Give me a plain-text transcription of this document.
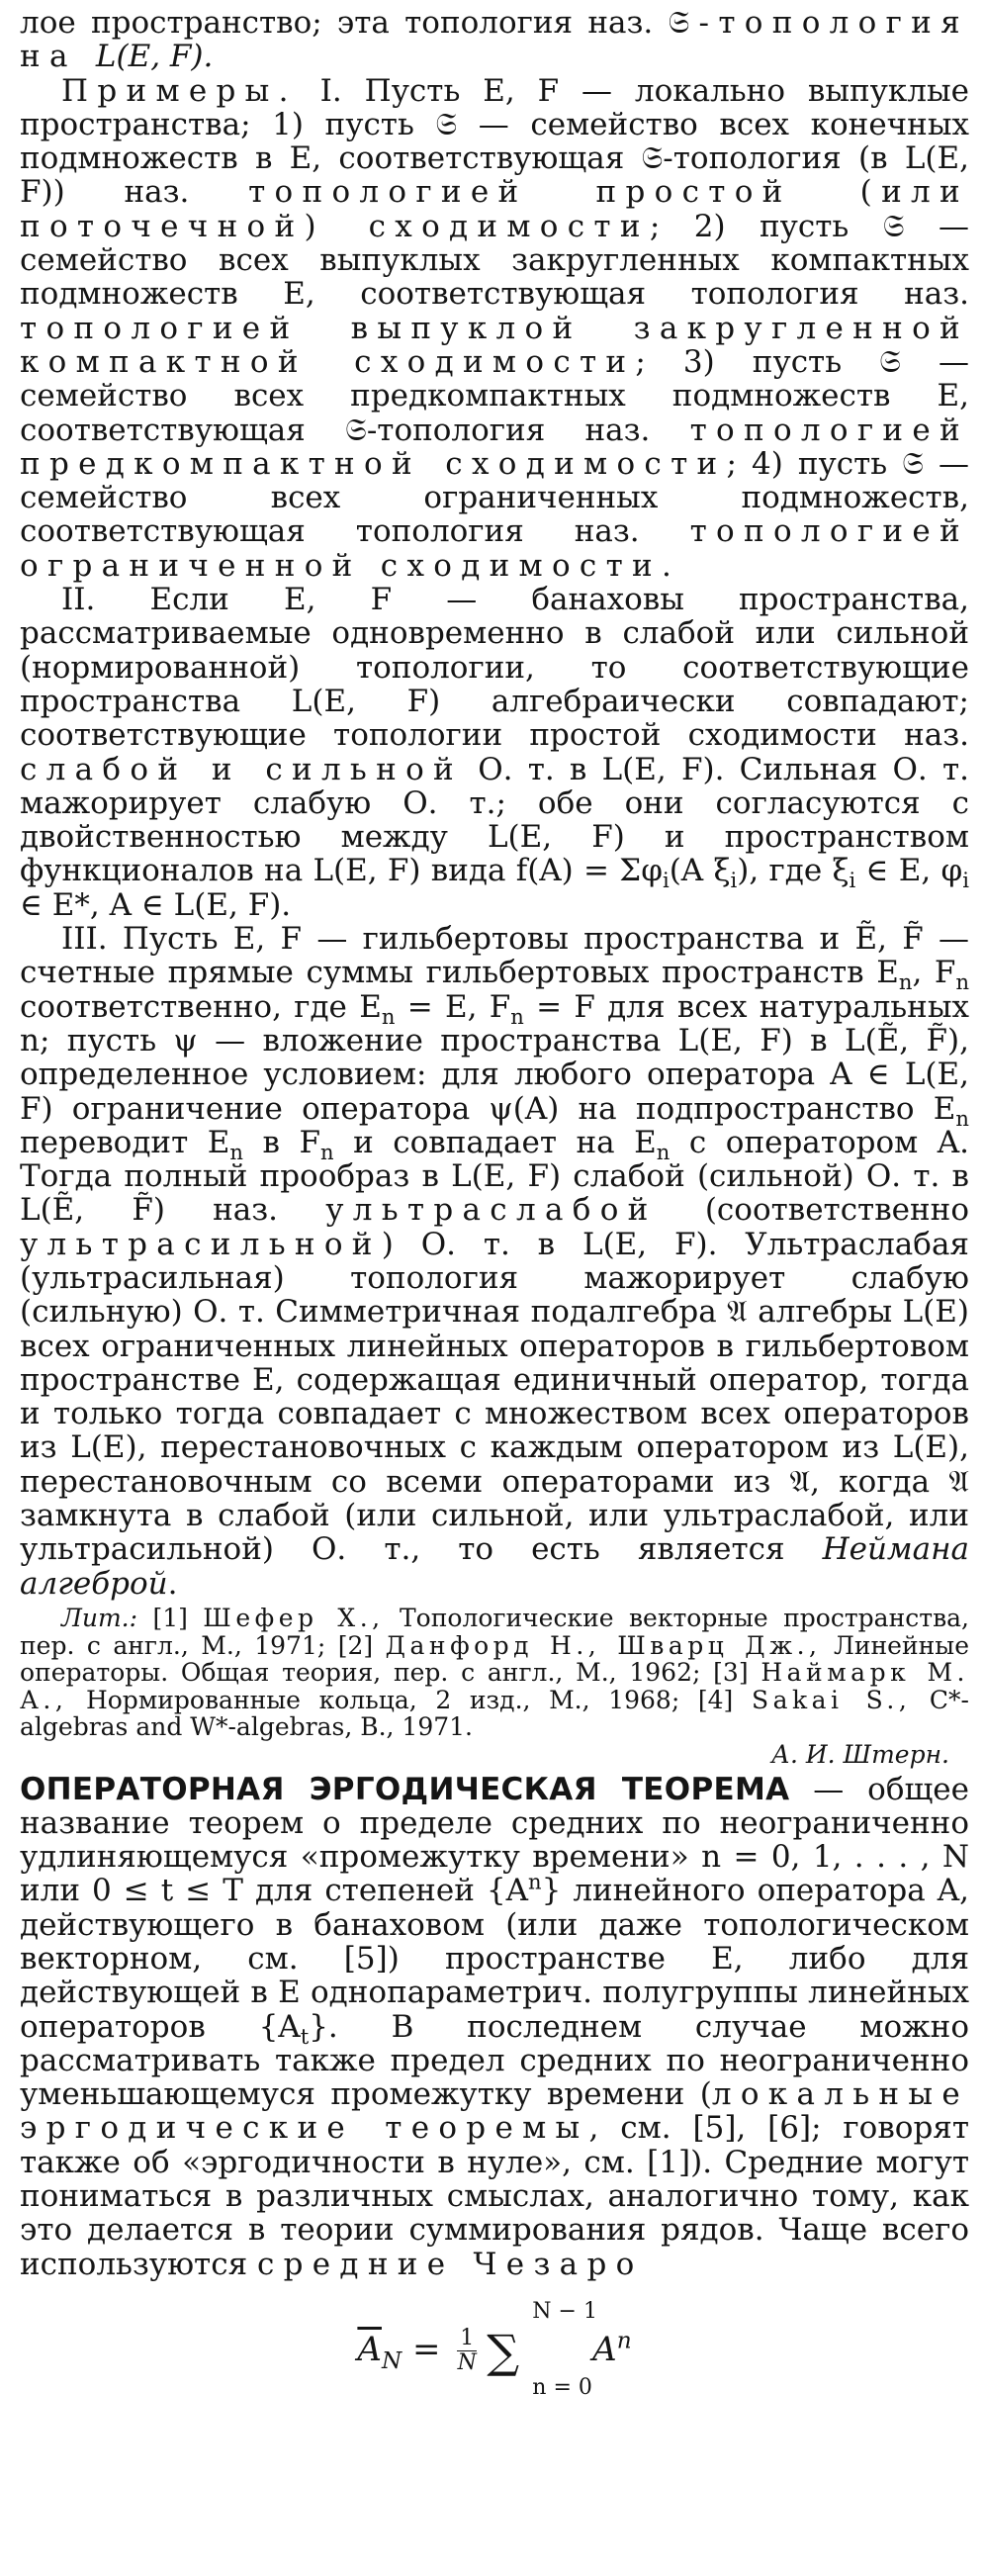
лое пространство; эта топология наз. 𝔖-топология на L(E, F).

Примеры. I. Пусть E, F — локально выпуклые пространства; 1) пусть 𝔖 — семейство всех конечных подмножеств в E, соответствующая 𝔖-топология (в L(E, F)) наз. топологией простой (или поточечной) сходимости; 2) пусть 𝔖 — семейство всех выпуклых закругленных компактных подмножеств E, соответствующая топология наз. топологией выпуклой закругленной компактной сходимости; 3) пусть 𝔖 — семейство всех предкомпактных подмножеств E, соответствующая 𝔖-топология наз. топологией предкомпактной сходимости; 4) пусть 𝔖 — семейство всех ограниченных подмножеств, соответствующая топология наз. топологией ограниченной сходимости.

II. Если E, F — банаховы пространства, рассматриваемые одновременно в слабой или сильной (нормированной) топологии, то соответствующие пространства L(E, F) алгебраически совпадают; соответствующие топологии простой сходимости наз. слабой и сильной О. т. в L(E, F). Сильная О. т. мажорирует слабую О. т.; обе они согласуются с двойственностью между L(E, F) и пространством функционалов на L(E, F) вида $f(A) = \Sigma\varphi_i(A$ $\xi_i$), где $\xi_i$ ∈ E, $\varphi_i$ ∈ E*, A ∈ L(E, F).

III. Пусть E, F — гильбертовы пространства и Ẽ, F̃ — счетные прямые суммы гильбертовых пространств $E_n$, $F_n$ соответственно, где $E_n = E$, $F_n = F$ для всех натуральных n; пусть ψ — вложение пространства L(E, F) в L(Ẽ, F̃), определенное условием: для любого оператора A ∈ L(E, F) ограничение оператора ψ(A) на подпространство $E_n$ переводит $E_n$ в $F_n$ и совпадает на $E_n$ с оператором A. Тогда полный прообраз в L(E, F) слабой (сильной) О. т. в L(Ẽ, F̃) наз. ультраслабой (соответственно ультрасильной) О. т. в L(E, F). Ультраслабая (ультрасильная) топология мажорирует слабую (сильную) О. т. Симметричная подалгебра 𝔄 алгебры L(E) всех ограниченных линейных операторов в гильбертовом пространстве E, содержащая единичный оператор, тогда и только тогда совпадает с множеством всех операторов из L(E), перестановочных с каждым оператором из L(E), перестановочным со всеми операторами из 𝔄, когда 𝔄 замкнута в слабой (или сильной, или ультраслабой, или ультрасильной) О. т., то есть является Неймана алгеброй.

Лит.: [1] Шефер Х., Топологические векторные пространства, пер. с англ., М., 1971; [2] Данфорд Н., Шварц Дж., Линейные операторы. Общая теория, пер. с англ., М., 1962; [3] Наймарк М. А., Нормированные кольца, 2 изд., М., 1968; [4] Sakai S., C*-algebras and W*-algebras, В., 1971.

А. И. Штерн.

ОПЕРАТОРНАЯ ЭРГОДИЧЕСКАЯ ТЕОРЕМА — общее название теорем о пределе средних по неограниченно удлиняющемуся «промежутку времени» n = 0, 1, . . . , N или 0 ≤ t ≤ T для степеней $\{A^n\}$ линейного оператора A, действующего в банаховом (или даже топологическом векторном, см. [5]) пространстве E, либо для действующей в E однопараметрич. полугруппы линейных операторов $\{A_t\}$. В последнем случае можно рассматривать также предел средних по неограниченно уменьшающемуся промежутку времени (локальные эргодические теоремы, см. [5], [6]; говорят также об «эргодичности в нуле», см. [1]). Средние могут пониматься в различных смыслах, аналогично тому, как это делается в теории суммирования рядов. Чаще всего используются средние Чезаро

$\overline{A}_N = \frac{1}{N}$ ∑
N − 1
n = 0
$A^n$
